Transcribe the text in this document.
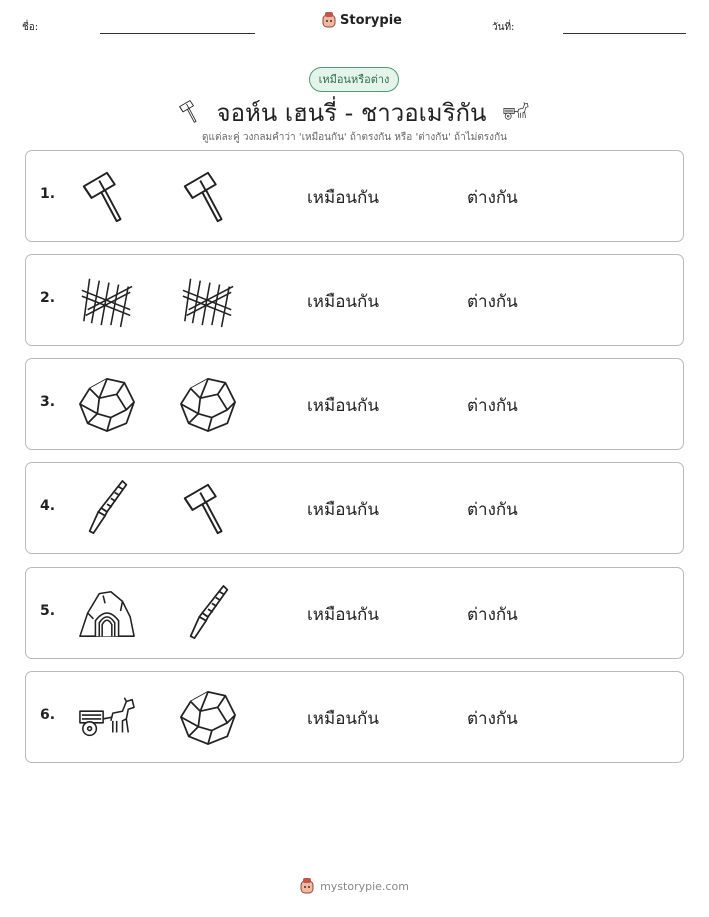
ชื่อ:	Storypie	วันที่:
เหมือนหรือต่าง
จอห์น เฮนรี่ - ชาวอเมริกัน
ดูแต่ละคู่ วงกลมคำว่า 'เหมือนกัน' ถ้าตรงกัน หรือ 'ต่างกัน' ถ้าไม่ตรงกัน
1.	เหมือนกัน	ต่างกัน
2.	เหมือนกัน	ต่างกัน
3.	เหมือนกัน	ต่างกัน
4.	เหมือนกัน	ต่างกัน
5.	เหมือนกัน	ต่างกัน
6.	เหมือนกัน	ต่างกัน
mystorypie.com
